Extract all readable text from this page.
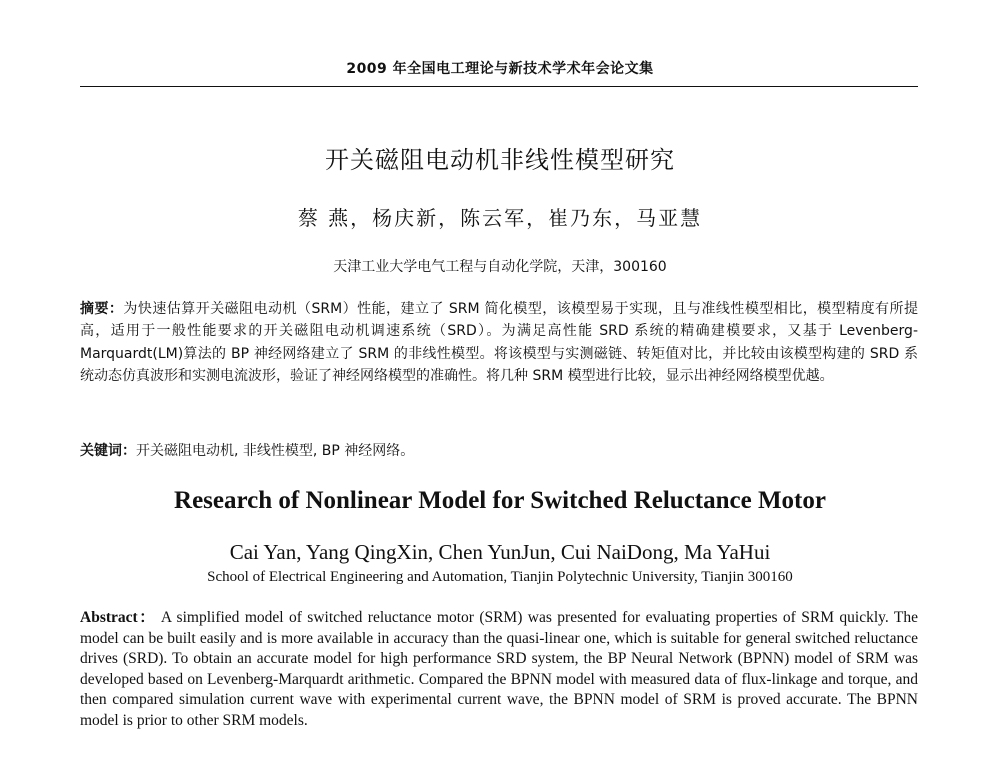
2009 年全国电工理论与新技术学术年会论文集
开关磁阻电动机非线性模型研究
蔡 燕，杨庆新，陈云军，崔乃东，马亚慧
天津工业大学电气工程与自动化学院，天津，300160
摘要：为快速估算开关磁阻电动机（SRM）性能，建立了 SRM 简化模型，该模型易于实现，且与准线性模型相比，模型精度有所提高，适用于一般性能要求的开关磁阻电动机调速系统（SRD）。为满足高性能 SRD 系统的精确建模要求，又基于 Levenberg-Marquardt(LM)算法的 BP 神经网络建立了 SRM 的非线性模型。将该模型与实测磁链、转矩值对比，并比较由该模型构建的 SRD 系统动态仿真波形和实测电流波形，验证了神经网络模型的准确性。将几种 SRM 模型进行比较，显示出神经网络模型优越。
关键词：开关磁阻电动机, 非线性模型, BP 神经网络。
Research of Nonlinear Model for Switched Reluctance Motor
Cai Yan, Yang QingXin, Chen YunJun, Cui NaiDong, Ma YaHui
School of Electrical Engineering and Automation, Tianjin Polytechnic University, Tianjin 300160
Abstract： A simplified model of switched reluctance motor (SRM) was presented for evaluating properties of SRM quickly. The model can be built easily and is more available in accuracy than the quasi-linear one, which is suitable for general switched reluctance drives (SRD). To obtain an accurate model for high performance SRD system, the BP Neural Network (BPNN) model of SRM was developed based on Levenberg-Marquardt arithmetic. Compared the BPNN model with measured data of flux-linkage and torque, and then compared simulation current wave with experimental current wave, the BPNN model of SRM is proved accurate. The BPNN model is prior to other SRM models.
